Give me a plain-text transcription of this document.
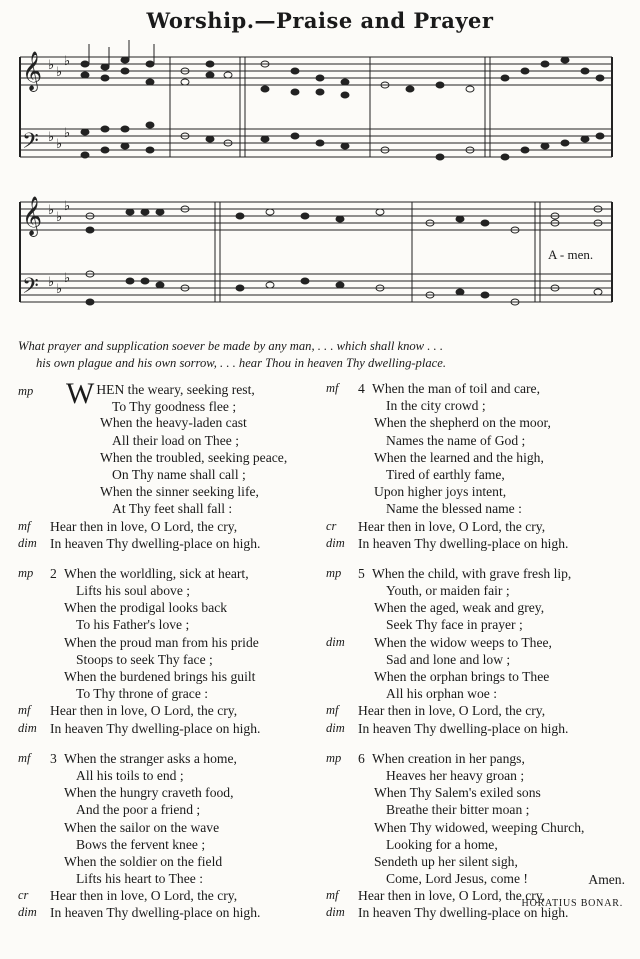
Worship.—Praise and Prayer
𝄞
𝄢
𝄞
𝄢
♭ ♭
♭
♭ ♭
♭
♭ ♭
♭
♭ ♭
♭
A - men.
What prayer and supplication soever be made by any man, . . . which shall know . . .
his own plague and his own sorrow, . . . hear Thou in heaven Thy dwelling-place.
mp WHEN the weary, seeking rest,
To Thy goodness flee ;
When the heavy-laden cast
All their load on Thee ;
When the troubled, seeking peace,
On Thy name shall call ;
When the sinner seeking life,
At Thy feet shall fall :
mf Hear then in love, O Lord, the cry,
dim In heaven Thy dwelling-place on high.
mp 2 When the worldling, sick at heart,
Lifts his soul above ;
When the prodigal looks back
To his Father's love ;
When the proud man from his pride
Stoops to seek Thy face ;
When the burdened brings his guilt
To Thy throne of grace :
mf Hear then in love, O Lord, the cry,
dim In heaven Thy dwelling-place on high.
mf 3 When the stranger asks a home,
All his toils to end ;
When the hungry craveth food,
And the poor a friend ;
When the sailor on the wave
Bows the fervent knee ;
When the soldier on the field
Lifts his heart to Thee :
cr Hear then in love, O Lord, the cry,
dim In heaven Thy dwelling-place on high.
mf 4 When the man of toil and care,
In the city crowd ;
When the shepherd on the moor,
Names the name of God ;
When the learned and the high,
Tired of earthly fame,
Upon higher joys intent,
Name the blessed name :
cr Hear then in love, O Lord, the cry,
dim In heaven Thy dwelling-place on high.
mp 5 When the child, with grave fresh lip,
Youth, or maiden fair ;
When the aged, weak and grey,
Seek Thy face in prayer ;
dim When the widow weeps to Thee,
Sad and lone and low ;
When the orphan brings to Thee
All his orphan woe :
mf Hear then in love, O Lord, the cry,
dim In heaven Thy dwelling-place on high.
mp 6 When creation in her pangs,
Heaves her heavy groan ;
When Thy Salem's exiled sons
Breathe their bitter moan ;
When Thy widowed, weeping Church,
Looking for a home,
Sendeth up her silent sigh,
Come, Lord Jesus, come !
mf Hear then in love, O Lord, the cry,
dim In heaven Thy dwelling-place on high.
Amen.
HORATIUS BONAR.
